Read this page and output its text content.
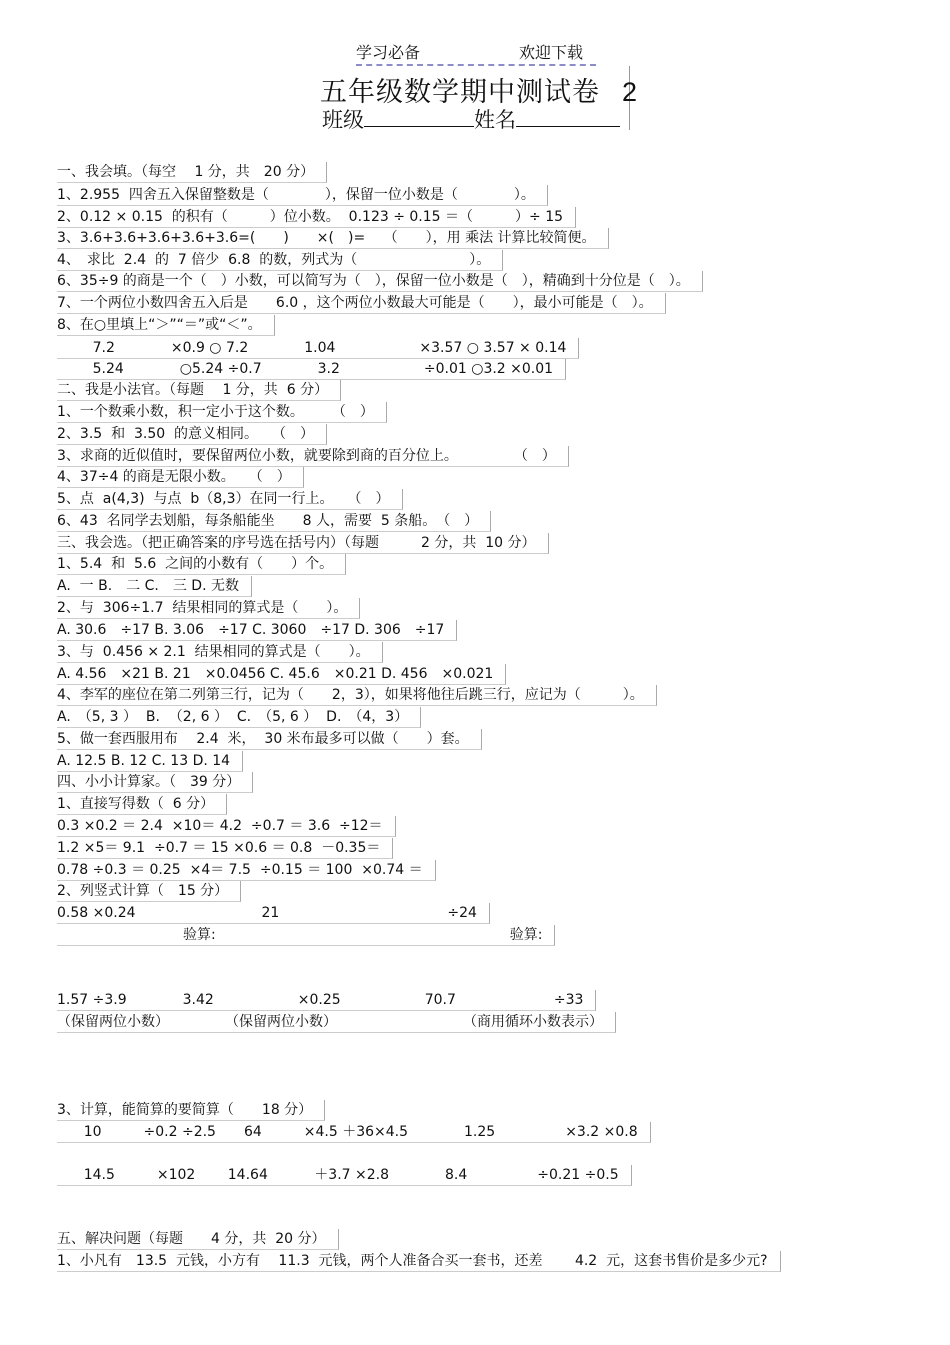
学习必备	欢迎下载
五年级数学期中测试卷 2
班级	姓名
一、我会填。（每空　 1 分，共　20 分）
1、2.955  四舍五入保留整数是（　　　　），保留一位小数是（　　　　）。
2、0.12 × 0.15  的积有（　　　）位小数。  0.123 ÷ 0.15 ＝（　　　）÷ 15
3、3.6+3.6+3.6+3.6+3.6=(　　)　　×(　)=　 （　　），用 乘法 计算比较简便。
4、　求比  2.4  的  7 倍少  6.8  的数，列式为（　　　　　　　　）。
6、35÷9 的商是一个（　）小数，可以简写为（　），保留一位小数是（　），精确到十分位是（　）。
7、一个两位小数四舍五入后是　　6.0 ，这个两位小数最大可能是（　　），最小可能是（　）。
8、在○里填上“＞”“＝”或“＜”。
7.2　　　　×0.9 ○ 7.2　　　　1.04　　　　　　×3.57 ○ 3.57 × 0.14
5.24　　　　○5.24 ÷0.7　　　　3.2　　　　　　÷0.01 ○3.2 ×0.01
二、我是小法官。（每题　 1 分，共  6 分）
1、一个数乘小数，积一定小于这个数。　　　（　）
2、3.5  和  3.50  的意义相同。　　（　）
3、求商的近似值时，要保留两位小数，就要除到商的百分位上。　　　　　（　）
4、37÷4 的商是无限小数。　　（　）
5、点  a(4,3)  与点  b（8,3）在同一行上。　　（　）
6、43  名同学去划船，每条船能坐　　8 人，需要  5 条船。　（　）
三、我会选。（把正确答案的序号选在括号内）（每题　　　2 分，共  10 分）
1、5.4  和  5.6  之间的小数有（　　）个。
A.  一 B.　二 C.　三 D. 无数
2、与  306÷1.7  结果相同的算式是（　　）。
A. 30.6　÷17 B. 3.06　÷17 C. 3060　÷17 D. 306　÷17
3、与  0.456 × 2.1  结果相同的算式是（　　）。
A. 4.56　×21 B. 21　×0.0456 C. 45.6　×0.21 D. 456　×0.021
4、李军的座位在第二列第三行，记为（　　2，3），如果将他往后跳三行，应记为（　　　）。
A.　（5, 3 ）  B.  （2, 6 ）  C.　（5, 6 ）  D.　（4，3）
5、做一套西服用布　 2.4  米，  30 米布最多可以做（　　）套。
A. 12.5 B. 12 C. 13 D. 14
四、小小计算家。（　39 分）
1、直接写得数（  6 分）
0.3 ×0.2 ＝ 2.4  ×10＝ 4.2  ÷0.7 ＝ 3.6  ÷12＝
1.2 ×5＝ 9.1  ÷0.7 ＝ 15 ×0.6 ＝ 0.8  －0.35＝
0.78 ÷0.3 ＝ 0.25  ×4＝ 7.5  ÷0.15 ＝ 100  ×0.74 ＝
2、列竖式计算（　15 分）
0.58 ×0.24　　　　　　　　　21　　　　　　　　　　　　÷24
　　　　　　　　　验算:　　　　　　　　　　　　　　　　　　　　　验算:
1.57 ÷3.9　　　　3.42　　　　　　×0.25　　　　　　70.7　　　　　　　÷33
（保留两位小数）　　　　　（保留两位小数）　　　　　　　　　　（商用循环小数表示）
3、计算，能简算的要简算（　　18 分）
10　　　÷0.2 ÷2.5　　64　　　×4.5 ＋36×4.5　　　　1.25　　　　　×3.2 ×0.8
14.5　　　×102　　 14.64　　　 ＋3.7 ×2.8　　　　8.4　　　　　÷0.21 ÷0.5
五、解决问题（每题　　4 分，共  20 分）
1、小凡有　13.5  元钱，小方有　 11.3  元钱，两个人准备合买一套书，还差　　 4.2  元，这套书售价是多少元?
